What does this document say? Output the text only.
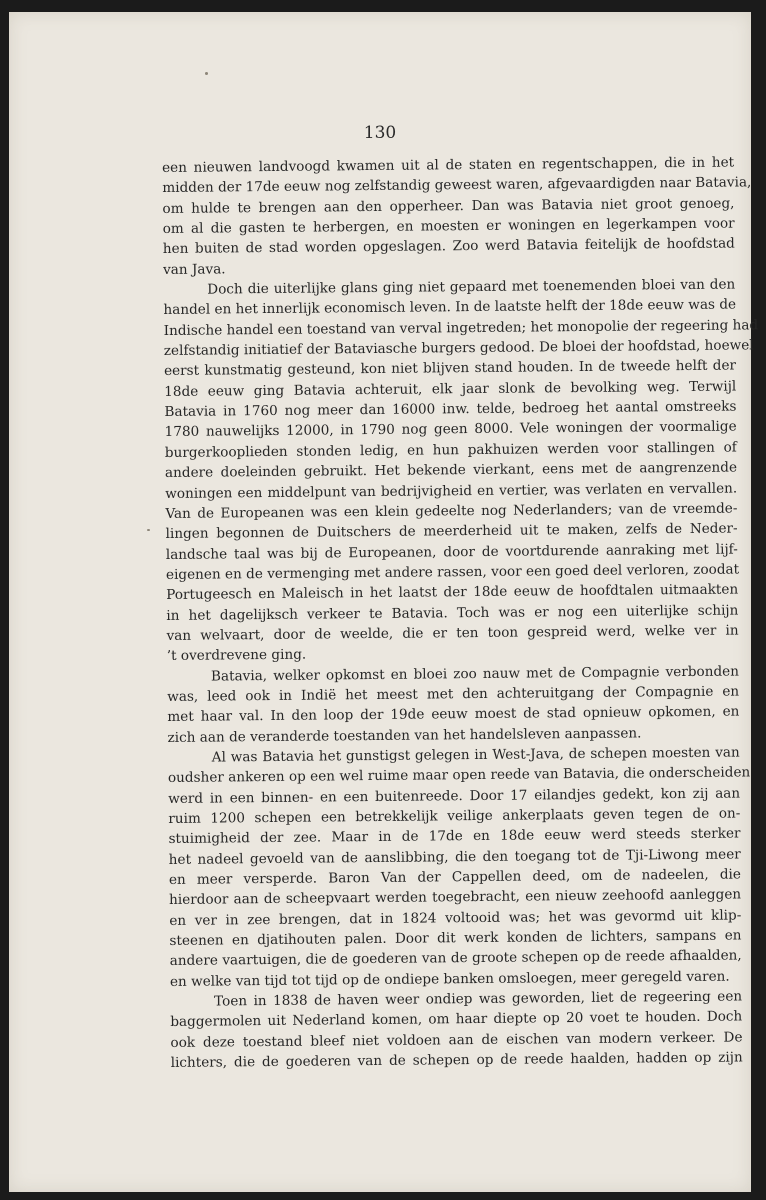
130

een nieuwen landvoogd kwamen uit al de staten en regentschappen, die in het
midden der 17de eeuw nog zelfstandig geweest waren, afgevaardigden naar Batavia,
om hulde te brengen aan den opperheer. Dan was Batavia niet groot genoeg,
om al die gasten te herbergen, en moesten er woningen en legerkampen voor
hen buiten de stad worden opgeslagen. Zoo werd Batavia feitelijk de hoofdstad
van Java.

Doch die uiterlijke glans ging niet gepaard met toenemenden bloei van den
handel en het innerlijk economisch leven. In de laatste helft der 18de eeuw was de
Indische handel een toestand van verval ingetreden; het monopolie der regeering had
zelfstandig initiatief der Bataviasche burgers gedood. De bloei der hoofdstad, hoewel
eerst kunstmatig gesteund, kon niet blijven stand houden. In de tweede helft der
18de eeuw ging Batavia achteruit, elk jaar slonk de bevolking weg. Terwijl
Batavia in 1760 nog meer dan 16000 inw. telde, bedroeg het aantal omstreeks
1780 nauwelijks 12000, in 1790 nog geen 8000. Vele woningen der voormalige
burgerkooplieden stonden ledig, en hun pakhuizen werden voor stallingen of
andere doeleinden gebruikt. Het bekende vierkant, eens met de aangrenzende
woningen een middelpunt van bedrijvigheid en vertier, was verlaten en vervallen.
Van de Europeanen was een klein gedeelte nog Nederlanders; van de vreemde-
lingen begonnen de Duitschers de meerderheid uit te maken, zelfs de Neder-
landsche taal was bij de Europeanen, door de voortdurende aanraking met lijf-
eigenen en de vermenging met andere rassen, voor een goed deel verloren, zoodat
Portugeesch en Maleisch in het laatst der 18de eeuw de hoofdtalen uitmaakten
in het dagelijksch verkeer te Batavia. Toch was er nog een uiterlijke schijn
van welvaart, door de weelde, die er ten toon gespreid werd, welke ver in
’t overdrevene ging.

Batavia, welker opkomst en bloei zoo nauw met de Compagnie verbonden
was, leed ook in Indië het meest met den achteruitgang der Compagnie en
met haar val. In den loop der 19de eeuw moest de stad opnieuw opkomen, en
zich aan de veranderde toestanden van het handelsleven aanpassen.

Al was Batavia het gunstigst gelegen in West-Java, de schepen moesten van
oudsher ankeren op een wel ruime maar open reede van Batavia, die onderscheiden
werd in een binnen- en een buitenreede. Door 17 eilandjes gedekt, kon zij aan
ruim 1200 schepen een betrekkelijk veilige ankerplaats geven tegen de on-
stuimigheid der zee. Maar in de 17de en 18de eeuw werd steeds sterker
het nadeel gevoeld van de aanslibbing, die den toegang tot de Tji-Liwong meer
en meer versperde. Baron Van der Cappellen deed, om de nadeelen, die
hierdoor aan de scheepvaart werden toegebracht, een nieuw zeehoofd aanleggen
en ver in zee brengen, dat in 1824 voltooid was; het was gevormd uit klip-
steenen en djatihouten palen. Door dit werk konden de lichters, sampans en
andere vaartuigen, die de goederen van de groote schepen op de reede afhaalden,
en welke van tijd tot tijd op de ondiepe banken omsloegen, meer geregeld varen.

Toen in 1838 de haven weer ondiep was geworden, liet de regeering een
baggermolen uit Nederland komen, om haar diepte op 20 voet te houden. Doch
ook deze toestand bleef niet voldoen aan de eischen van modern verkeer. De
lichters, die de goederen van de schepen op de reede haalden, hadden op zijn
